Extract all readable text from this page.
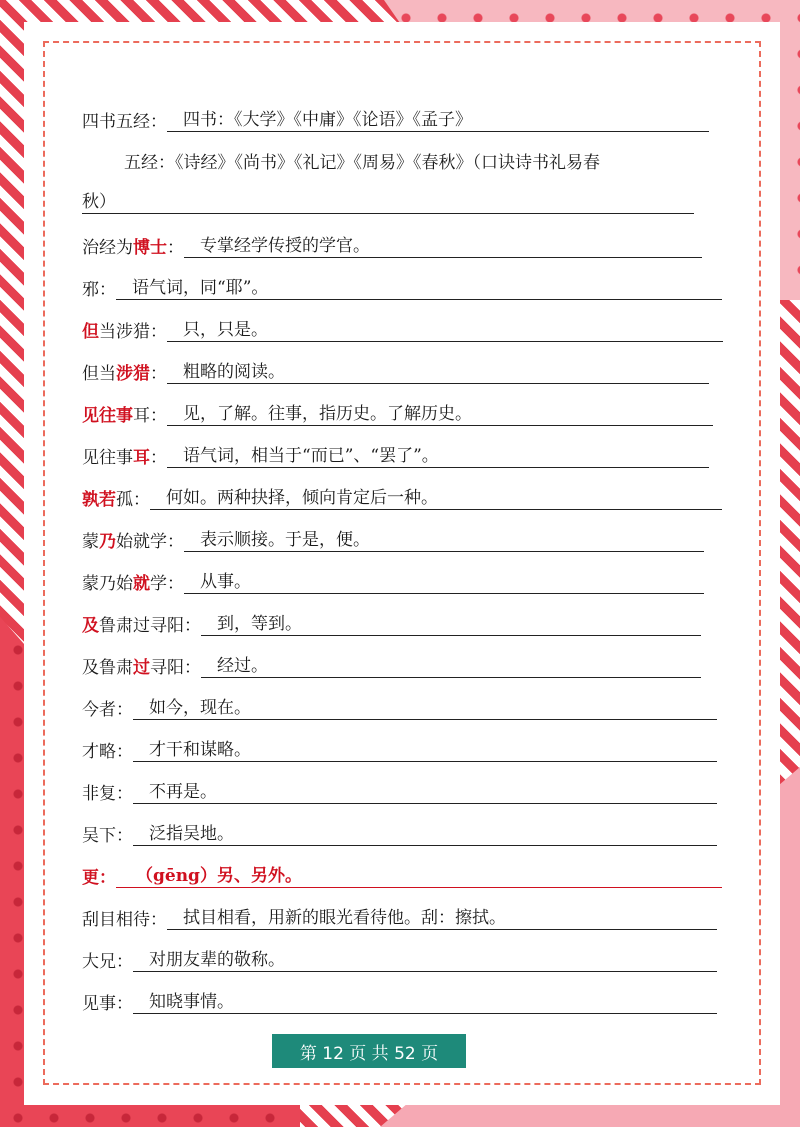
四书五经： 四书：《大学》《中庸》《论语》《孟子》
五经：《诗经》《尚书》《礼记》《周易》《春秋》（口诀诗书礼易春
秋）
治经为博士： 专掌经学传授的学官。
邪： 语气词，同“耶”。
但当涉猎： 只，只是。
但当涉猎： 粗略的阅读。
见往事耳： 见，了解。往事，指历史。了解历史。
见往事耳： 语气词，相当于“而已”、“罢了”。
孰若孤： 何如。两种抉择，倾向肯定后一种。
蒙乃始就学： 表示顺接。于是，便。
蒙乃始就学： 从事。
及鲁肃过寻阳： 到，等到。
及鲁肃过寻阳： 经过。
今者： 如今，现在。
才略： 才干和谋略。
非复： 不再是。
吴下： 泛指吴地。
更：	（gēng）另、另外。
刮目相待： 拭目相看，用新的眼光看待他。刮：擦拭。
大兄： 对朋友辈的敬称。
见事： 知晓事情。
第 12 页 共 52 页
